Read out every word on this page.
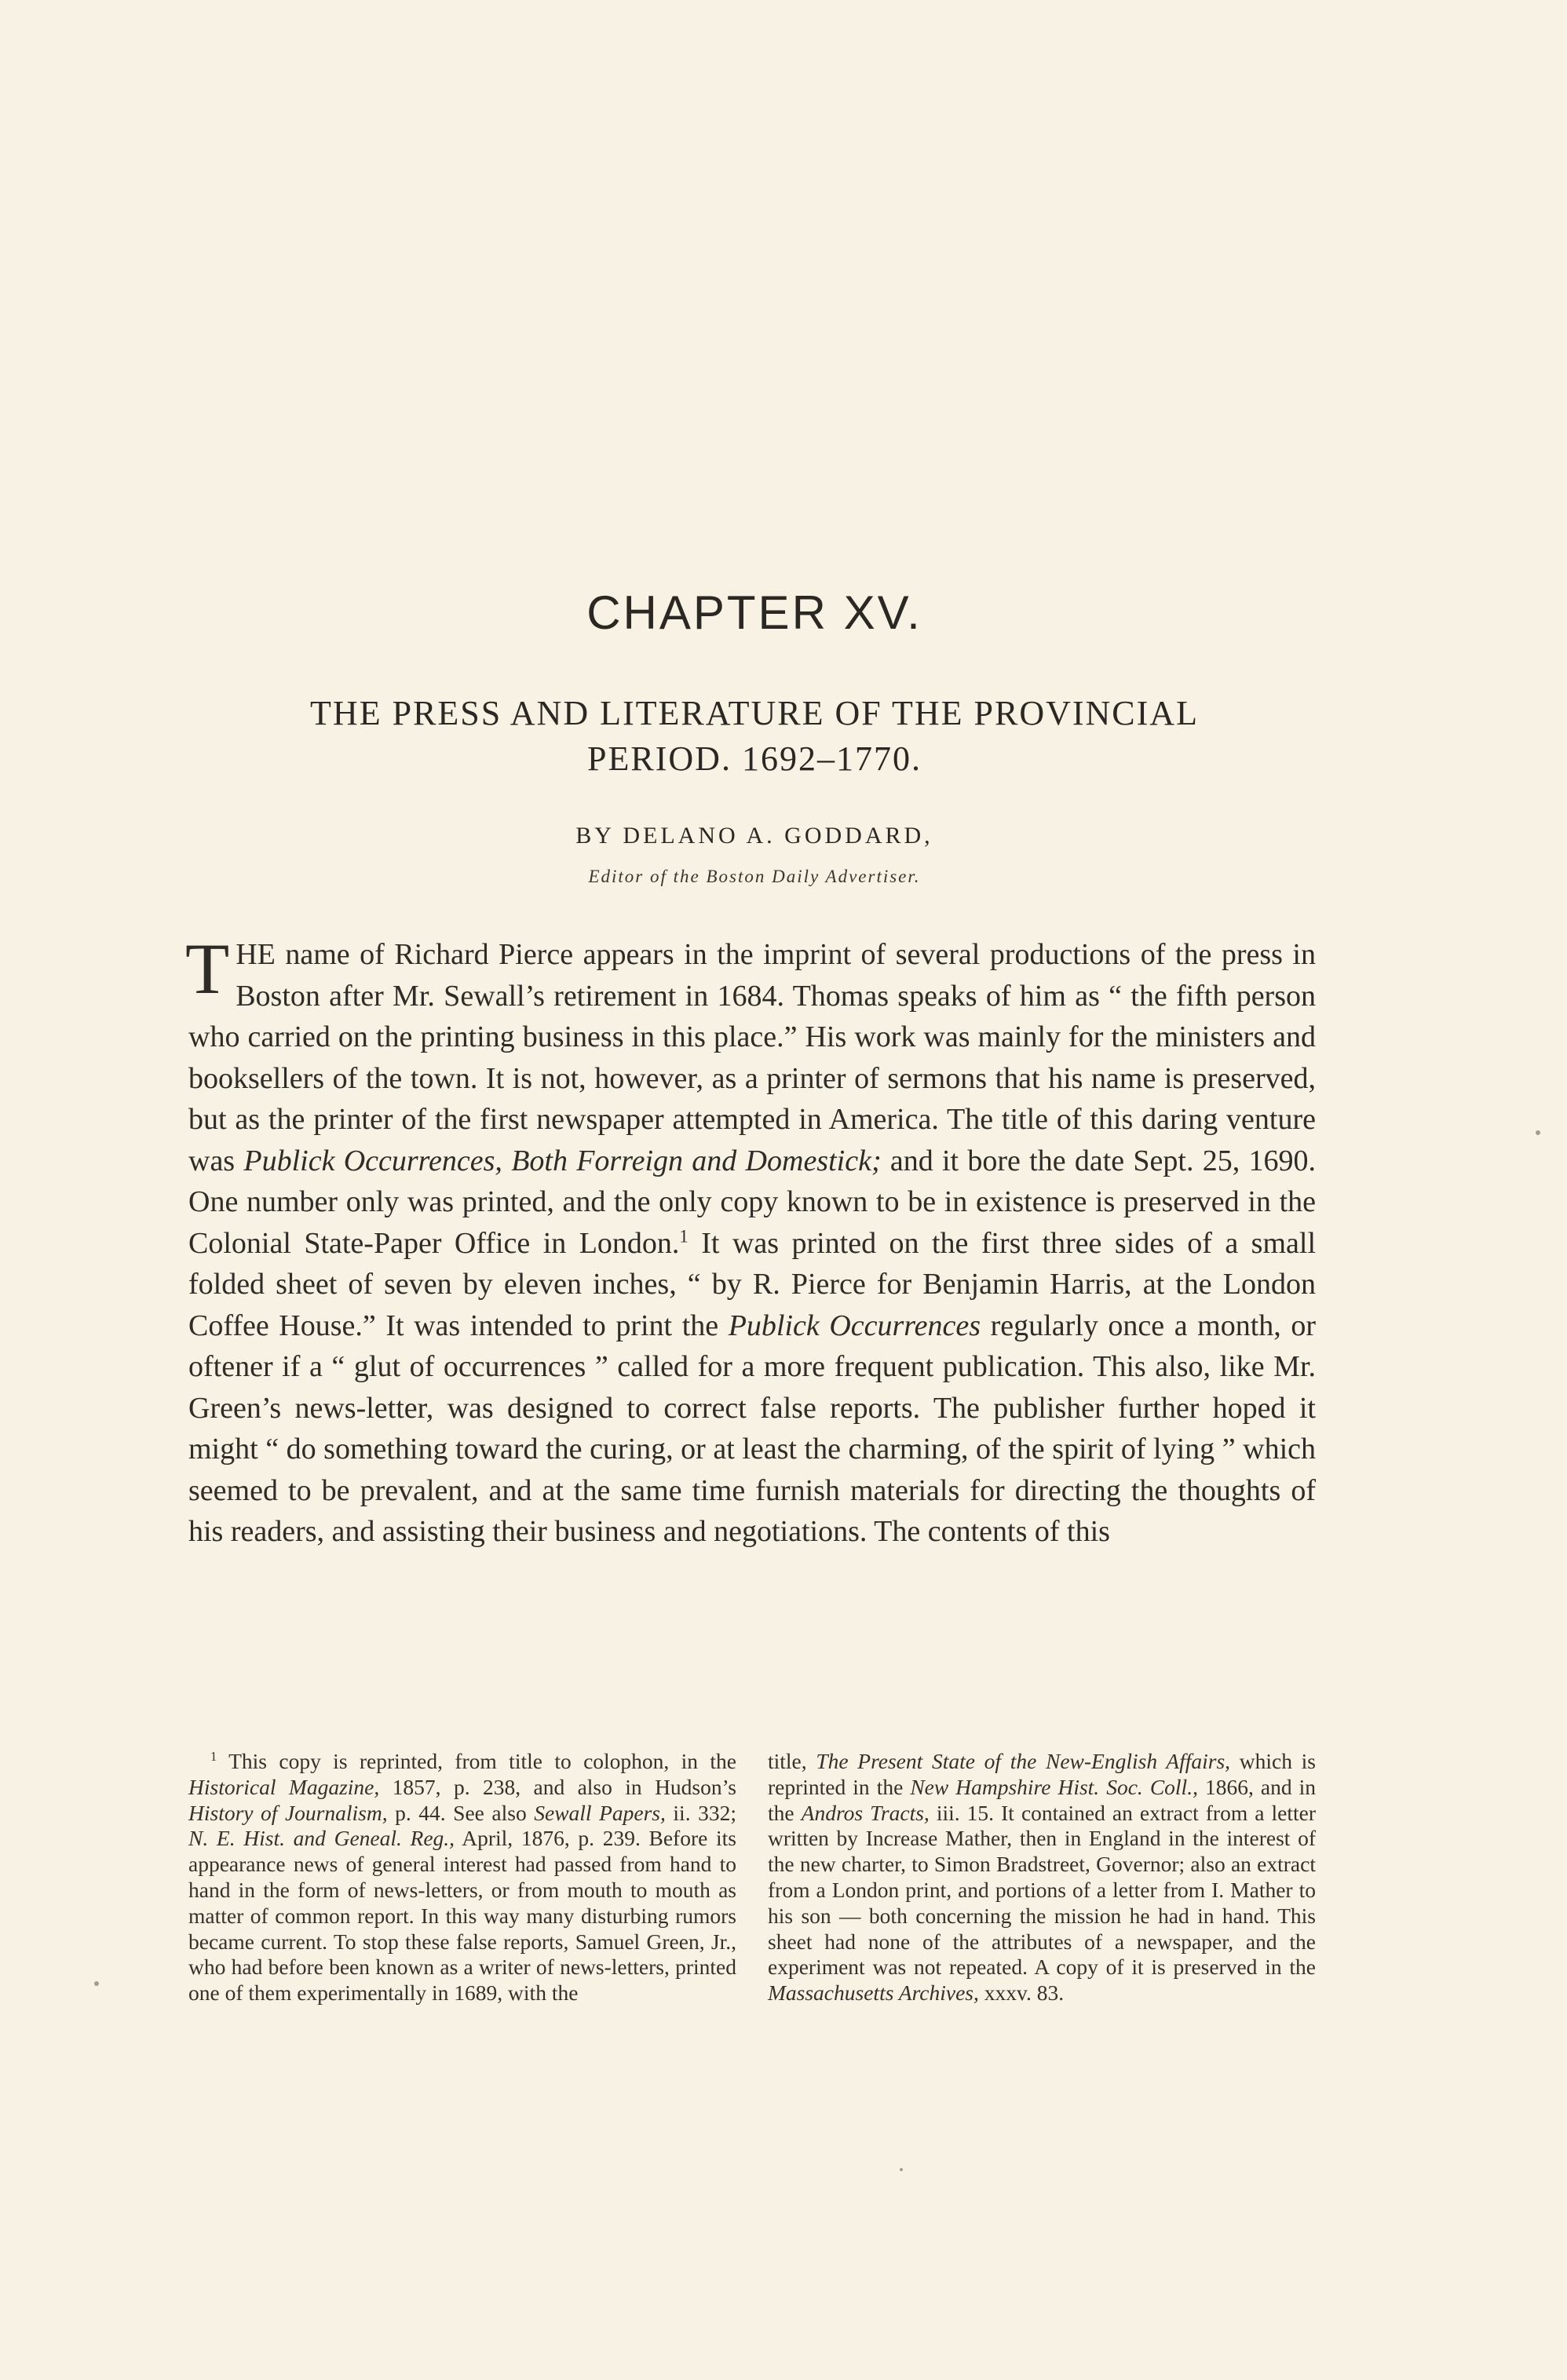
CHAPTER XV.
THE PRESS AND LITERATURE OF THE PROVINCIAL
PERIOD. 1692–1770.
BY DELANO A. GODDARD,
Editor of the Boston Daily Advertiser.

THE name of Richard Pierce appears in the imprint of several productions of the press in Boston after Mr. Sewall’s retirement in 1684. Thomas speaks of him as “ the fifth person who carried on the printing business in this place.” His work was mainly for the ministers and booksellers of the town. It is not, however, as a printer of sermons that his name is preserved, but as the printer of the first newspaper attempted in America. The title of this daring venture was Publick Occurrences, Both Forreign and Domestick; and it bore the date Sept. 25, 1690. One number only was printed, and the only copy known to be in existence is preserved in the Colonial State-Paper Office in London.$^1$ It was printed on the first three sides of a small folded sheet of seven by eleven inches, “ by R. Pierce for Benjamin Harris, at the London Coffee House.” It was intended to print the Publick Occurrences regularly once a month, or oftener if a “ glut of occurrences ” called for a more frequent publication. This also, like Mr. Green’s news-letter, was designed to correct false reports. The publisher further hoped it might “ do something toward the curing, or at least the charming, of the spirit of lying ” which seemed to be prevalent, and at the same time furnish materials for directing the thoughts of his readers, and assisting their business and negotiations. The contents of this

$^1$ This copy is reprinted, from title to colophon, in the Historical Magazine, 1857, p. 238, and also in Hudson’s History of Journalism, p. 44. See also Sewall Papers, ii. 332; N. E. Hist. and Geneal. Reg., April, 1876, p. 239. Before its appearance news of general interest had passed from hand to hand in the form of news-letters, or from mouth to mouth as matter of common report. In this way many disturbing rumors became current. To stop these false reports, Samuel Green, Jr., who had before been known as a writer of news-letters, printed one of them experimentally in 1689, with the

title, The Present State of the New-English Affairs, which is reprinted in the New Hampshire Hist. Soc. Coll., 1866, and in the Andros Tracts, iii. 15. It contained an extract from a letter written by Increase Mather, then in England in the interest of the new charter, to Simon Bradstreet, Governor; also an extract from a London print, and portions of a letter from I. Mather to his son — both concerning the mission he had in hand. This sheet had none of the attributes of a newspaper, and the experiment was not repeated. A copy of it is preserved in the Massachusetts Archives, xxxv. 83.
